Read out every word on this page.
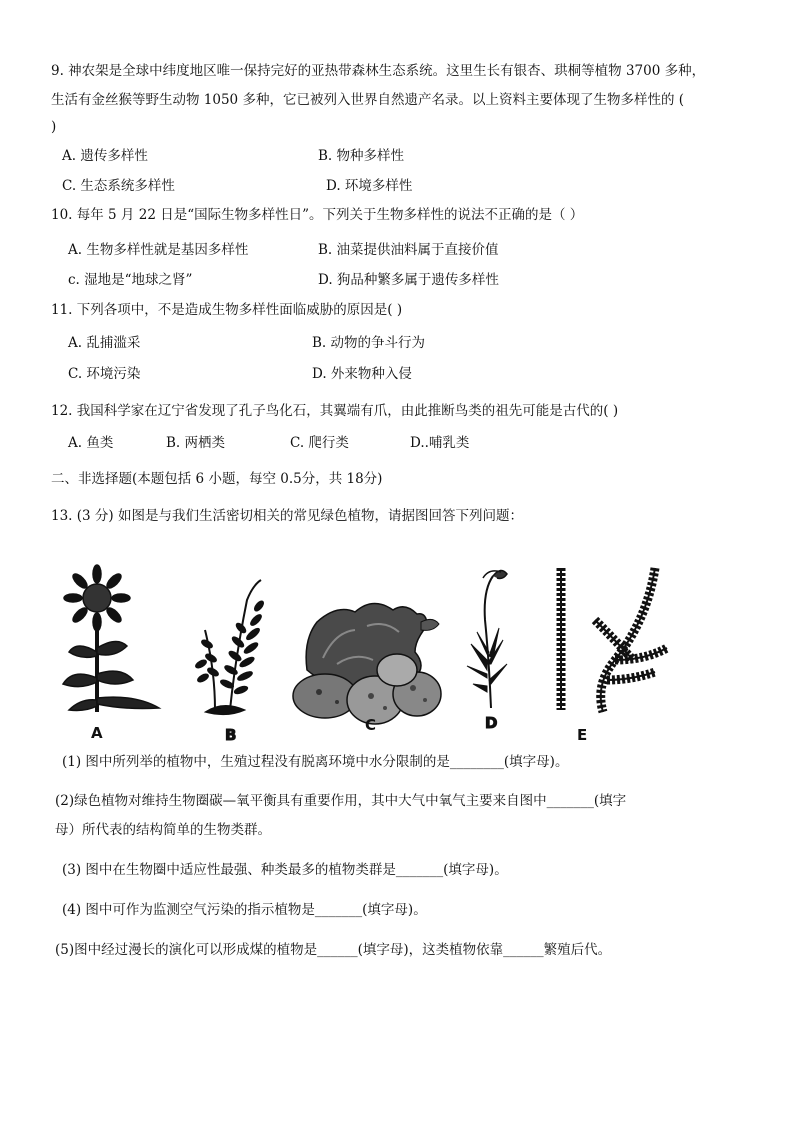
9. 神农架是全球中纬度地区唯一保持完好的亚热带森林生态系统。这里生长有银杏、珙桐等植物 3700 多种，
生活有金丝猴等野生动物 1050 多种，它已被列入世界自然遗产名录。以上资料主要体现了生物多样性的 (
)
A. 遗传多样性	B. 物种多样性
C. 生态系统多样性	D. 环境多样性
10. 每年 5 月 22 日是“国际生物多样性日”。下列关于生物多样性的说法不正确的是（ ）
A. 生物多样性就是基因多样性	B. 油菜提供油料属于直接价值
c. 湿地是“地球之肾”	D. 狗品种繁多属于遗传多样性
11. 下列各项中，不是造成生物多样性面临威胁的原因是( )
A. 乱捕滥采	B. 动物的争斗行为
C. 环境污染	D. 外来物种入侵
12. 我国科学家在辽宁省发现了孔子鸟化石，其翼端有爪，由此推断鸟类的祖先可能是古代的( )
A. 鱼类	B. 两栖类	C. 爬行类	D..哺乳类
二、非选择题(本题包括 6 小题，每空 0.5分，共 18分)
13. (3 分) 如图是与我们生活密切相关的常见绿色植物，请据图回答下列问题：
A	B
C	D
E
(1) 图中所列举的植物中，生殖过程没有脱离环境中水分限制的是________(填字母)。
(2)绿色植物对维持生物圈碳—氧平衡具有重要作用，其中大气中氧气主要来自图中_______(填字
母）所代表的结构简单的生物类群。
(3) 图中在生物圈中适应性最强、种类最多的植物类群是_______(填字母)。
(4) 图中可作为监测空气污染的指示植物是_______(填字母)。
(5)图中经过漫长的演化可以形成煤的植物是______(填字母)，这类植物依靠______繁殖后代。
